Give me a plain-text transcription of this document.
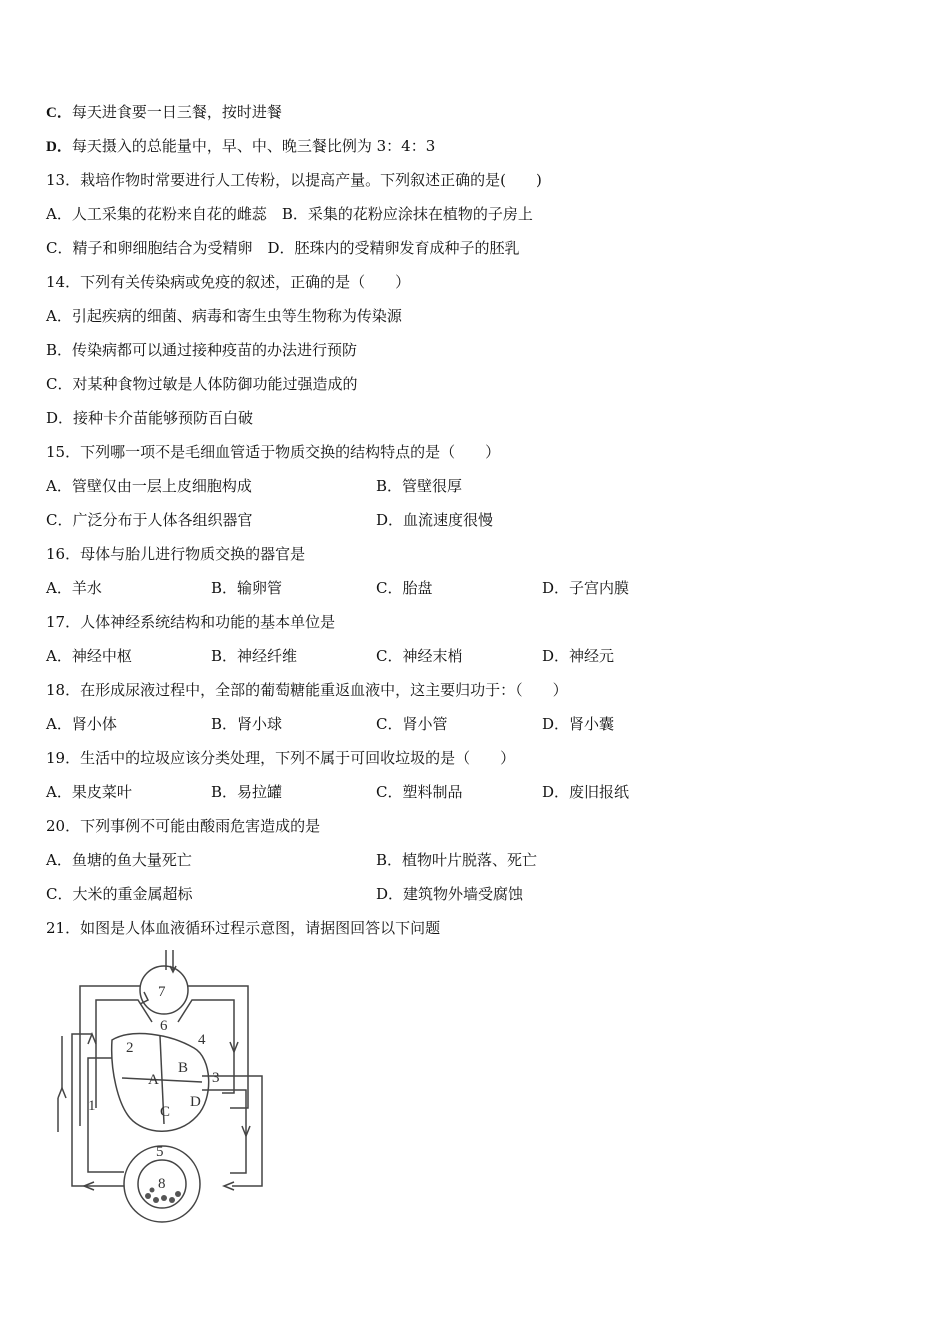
C．每天进食要一日三餐，按时进餐
D．每天摄入的总能量中，早、中、晚三餐比例为 3：4：3
13．栽培作物时常要进行人工传粉，以提高产量。下列叙述正确的是(　　)
A．人工采集的花粉来自花的雌蕊　B．采集的花粉应涂抹在植物的子房上
C．精子和卵细胞结合为受精卵　D．胚珠内的受精卵发育成种子的胚乳
14．下列有关传染病或免疫的叙述，正确的是（　　）
A．引起疾病的细菌、病毒和寄生虫等生物称为传染源
B．传染病都可以通过接种疫苗的办法进行预防
C．对某种食物过敏是人体防御功能过强造成的
D．接种卡介苗能够预防百白破
15．下列哪一项不是毛细血管适于物质交换的结构特点的是（　　）
A．管壁仅由一层上皮细胞构成	B．管壁很厚
C．广泛分布于人体各组织器官	D．血流速度很慢
16．母体与胎儿进行物质交换的器官是
A．羊水	B．输卵管	C．胎盘	D．子宫内膜
17．人体神经系统结构和功能的基本单位是
A．神经中枢	B．神经纤维	C．神经末梢	D．神经元
18．在形成尿液过程中，全部的葡萄糖能重返血液中，这主要归功于：（　　）
A．肾小体	B．肾小球	C．肾小管	D．肾小囊
19．生活中的垃圾应该分类处理，下列不属于可回收垃圾的是（　　）
A．果皮菜叶	B．易拉罐	C．塑料制品	D．废旧报纸
20．下列事例不可能由酸雨危害造成的是
A．鱼塘的鱼大量死亡	B．植物叶片脱落、死亡
C．大米的重金属超标	D．建筑物外墙受腐蚀
21．如图是人体血液循环过程示意图，请据图回答以下问题
7
6
2	4
A
B
3
1	C
D
5
8
